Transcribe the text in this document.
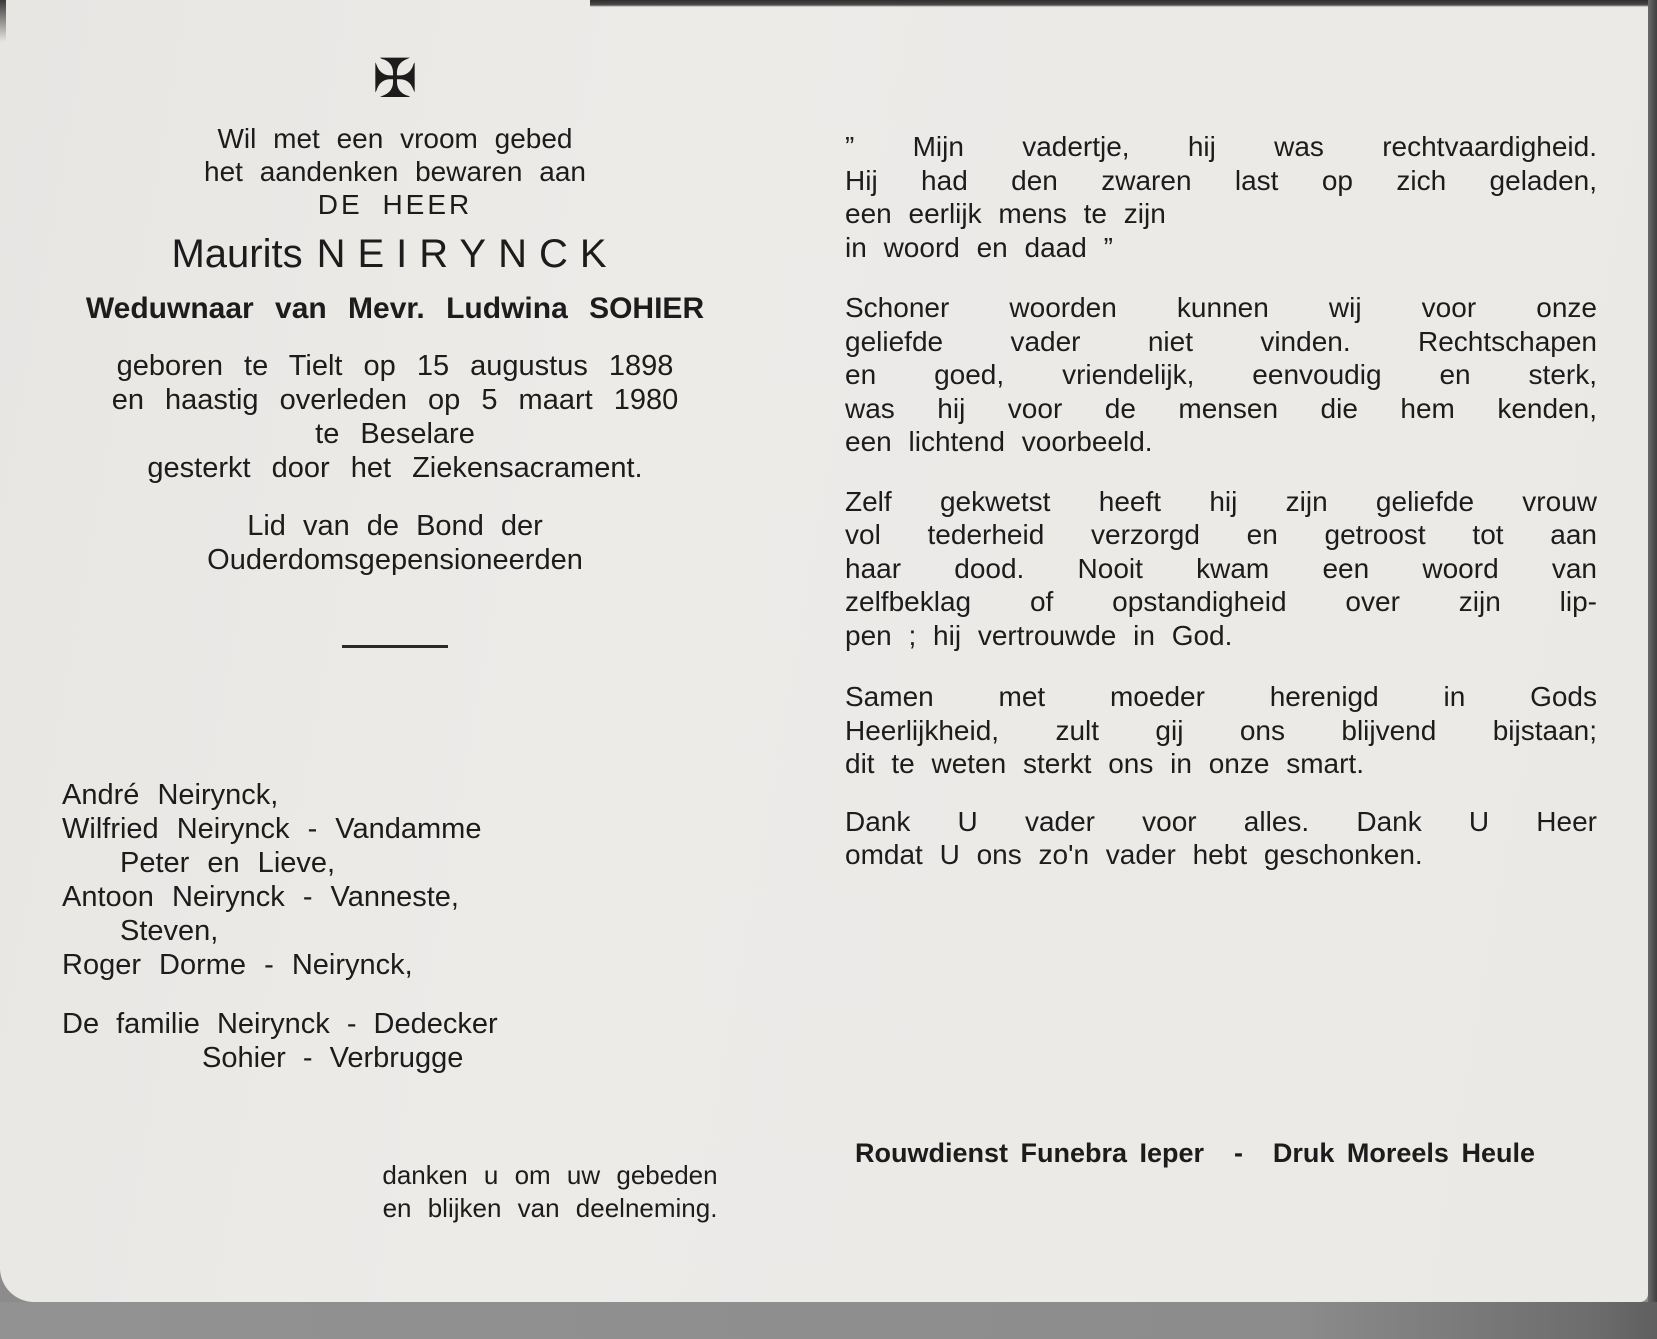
✠
Wil met een vroom gebed
het aandenken bewaren aan
DE HEER
Maurits NEIRYNCK
Weduwnaar van Mevr. Ludwina SOHIER
geboren te Tielt op 15 augustus 1898
en haastig overleden op 5 maart 1980
te Beselare
gesterkt door het Ziekensacrament.
Lid van de Bond der
Ouderdomsgepensioneerden
André Neirynck,
Wilfried Neirynck - Vandamme
Peter en Lieve,
Antoon Neirynck - Vanneste,
Steven,
Roger Dorme - Neirynck,
De familie Neirynck - Dedecker
Sohier - Verbrugge
danken u om uw gebeden
en blijken van deelneming.
” Mijn vadertje, hij was rechtvaardigheid.
Hij had den zwaren last op zich geladen,
een eerlijk mens te zijn
in woord en daad ”
Schoner woorden kunnen wij voor onze
geliefde vader niet vinden. Rechtschapen
en goed, vriendelijk, eenvoudig en sterk,
was hij voor de mensen die hem kenden,
een lichtend voorbeeld.
Zelf gekwetst heeft hij zijn geliefde vrouw
vol tederheid verzorgd en getroost tot aan
haar dood. Nooit kwam een woord van
zelfbeklag of opstandigheid over zijn lip-
pen ; hij vertrouwde in God.
Samen met moeder herenigd in Gods
Heerlijkheid, zult gij ons blijvend bijstaan;
dit te weten sterkt ons in onze smart.
Dank U vader voor alles. Dank U Heer
omdat U ons zo'n vader hebt geschonken.
Rouwdienst Funebra Ieper - Druk Moreels Heule
